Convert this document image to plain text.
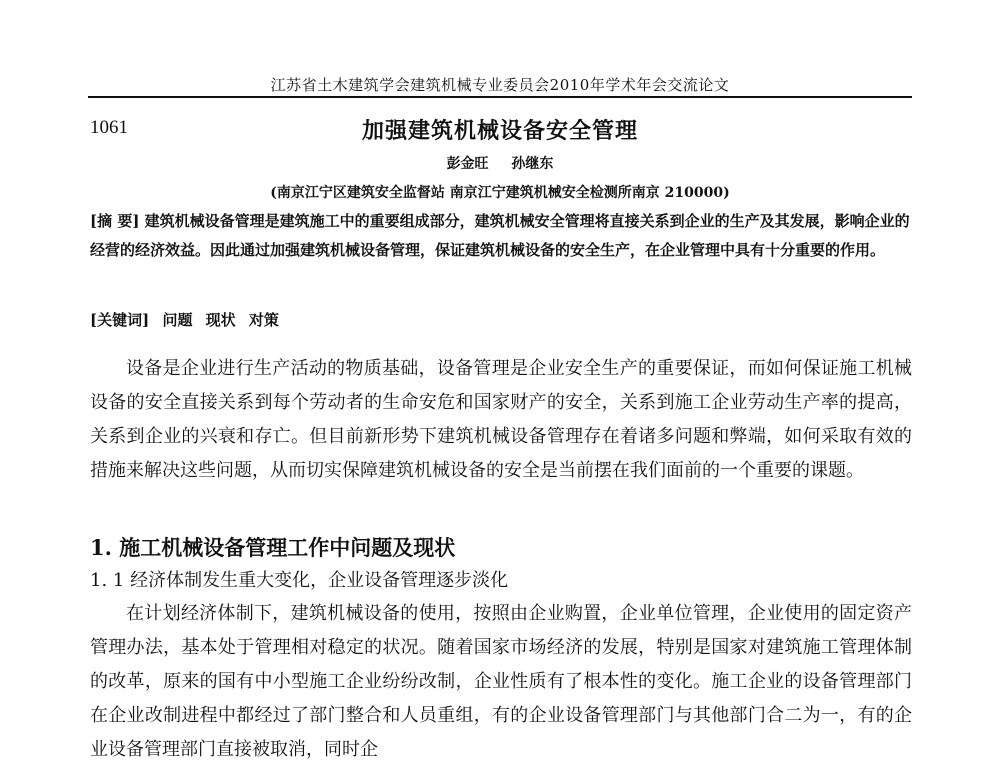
江苏省土木建筑学会建筑机械专业委员会2010年学术年会交流论文
1061	加强建筑机械设备安全管理
彭金旺 孙继东
(南京江宁区建筑安全监督站 南京江宁建筑机械安全检测所南京 210000)
[摘 要] 建筑机械设备管理是建筑施工中的重要组成部分，建筑机械安全管理将直接关系到企业的生产及其发展，影响企业的经营的经济效益。因此通过加强建筑机械设备管理，保证建筑机械设备的安全生产，在企业管理中具有十分重要的作用。
[关键词] 问题 现状 对策
设备是企业进行生产活动的物质基础，设备管理是企业安全生产的重要保证，而如何保证施工机械设备的安全直接关系到每个劳动者的生命安危和国家财产的安全，关系到施工企业劳动生产率的提高，关系到企业的兴衰和存亡。但目前新形势下建筑机械设备管理存在着诸多问题和弊端，如何采取有效的措施来解决这些问题，从而切实保障建筑机械设备的安全是当前摆在我们面前的一个重要的课题。
1. 施工机械设备管理工作中问题及现状
1. 1 经济体制发生重大变化，企业设备管理逐步淡化
在计划经济体制下，建筑机械设备的使用，按照由企业购置，企业单位管理，企业使用的固定资产管理办法，基本处于管理相对稳定的状况。随着国家市场经济的发展，特别是国家对建筑施工管理体制的改革，原来的国有中小型施工企业纷纷改制，企业性质有了根本性的变化。施工企业的设备管理部门在企业改制进程中都经过了部门整合和人员重组，有的企业设备管理部门与其他部门合二为一，有的企业设备管理部门直接被取消，同时企
